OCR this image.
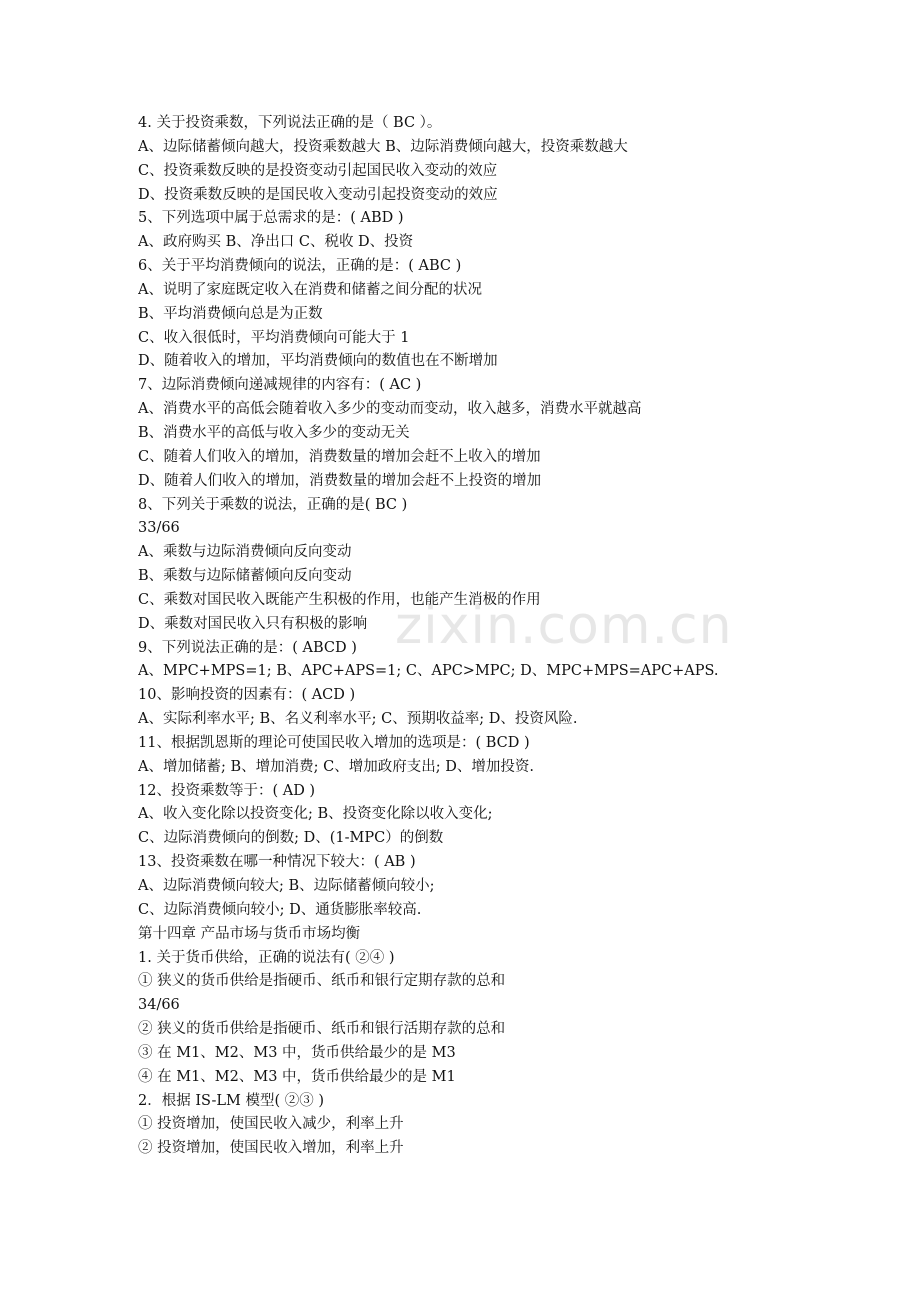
4. 关于投资乘数，下列说法正确的是（ BC ）。
A、边际储蓄倾向越大，投资乘数越大 B、边际消费倾向越大，投资乘数越大
C、投资乘数反映的是投资变动引起国民收入变动的效应
D、投资乘数反映的是国民收入变动引起投资变动的效应
5、下列选项中属于总需求的是：( ABD )
A、政府购买 B、净出口 C、税收 D、投资
6、关于平均消费倾向的说法，正确的是：( ABC )
A、说明了家庭既定收入在消费和储蓄之间分配的状况
B、平均消费倾向总是为正数
C、收入很低时，平均消费倾向可能大于 1
D、随着收入的增加，平均消费倾向的数值也在不断增加
7、边际消费倾向递减规律的内容有：( AC )
A、消费水平的高低会随着收入多少的变动而变动，收入越多，消费水平就越高
B、消费水平的高低与收入多少的变动无关
C、随着人们收入的增加，消费数量的增加会赶不上收入的增加
D、随着人们收入的增加，消费数量的增加会赶不上投资的增加
8、下列关于乘数的说法，正确的是( BC )
33/66
A、乘数与边际消费倾向反向变动
B、乘数与边际储蓄倾向反向变动
C、乘数对国民收入既能产生积极的作用，也能产生消极的作用
D、乘数对国民收入只有积极的影响
9、下列说法正确的是：( ABCD )
A、MPC+MPS=1; B、APC+APS=1; C、APC>MPC; D、MPC+MPS=APC+APS.
10、影响投资的因素有：( ACD )
A、实际利率水平; B、名义利率水平; C、预期收益率; D、投资风险.
11、根据凯恩斯的理论可使国民收入增加的选项是：( BCD )
A、增加储蓄; B、增加消费; C、增加政府支出; D、增加投资.
12、投资乘数等于：( AD )
A、收入变化除以投资变化; B、投资变化除以收入变化;
C、边际消费倾向的倒数; D、(1-MPC）的倒数
13、投资乘数在哪一种情况下较大：( AB )
A、边际消费倾向较大; B、边际储蓄倾向较小;
C、边际消费倾向较小; D、通货膨胀率较高.
第十四章 产品市场与货币市场均衡
1. 关于货币供给，正确的说法有( ②④ )
① 狭义的货币供给是指硬币、纸币和银行定期存款的总和
34/66
② 狭义的货币供给是指硬币、纸币和银行活期存款的总和
③ 在 M1、M2、M3 中，货币供给最少的是 M3
④ 在 M1、M2、M3 中，货币供给最少的是 M1
2．根据 IS-LM 模型( ②③ )
① 投资增加，使国民收入减少，利率上升
② 投资增加，使国民收入增加，利率上升
zixin.com.cn
